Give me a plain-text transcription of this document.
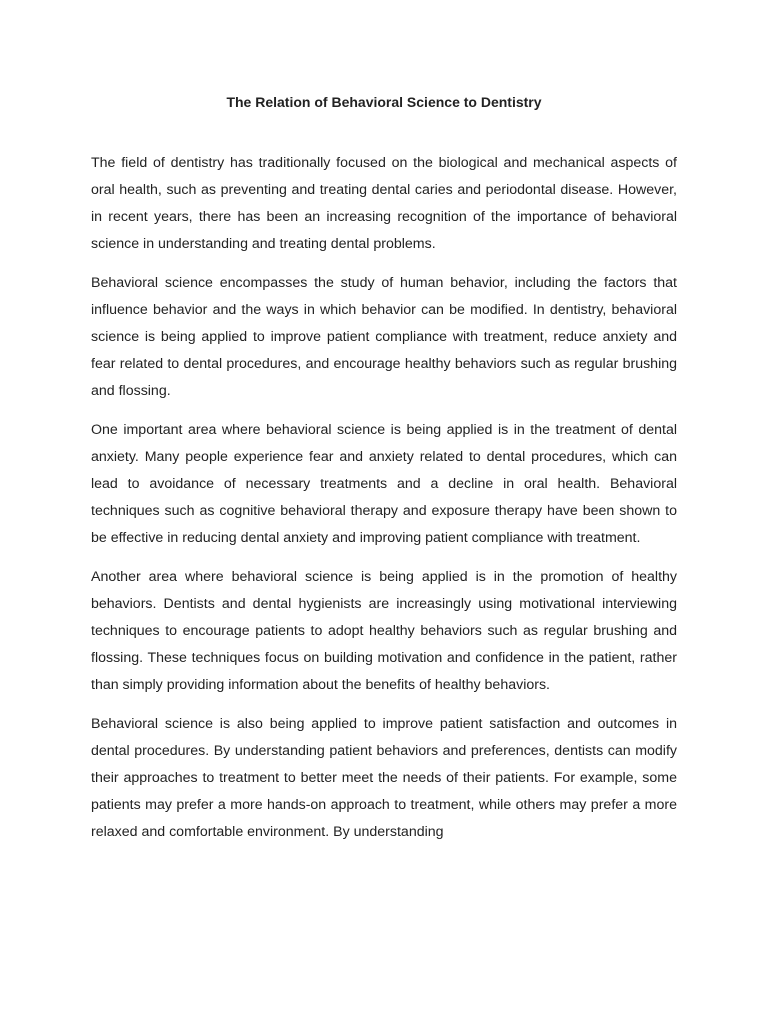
The Relation of Behavioral Science to Dentistry

The field of dentistry has traditionally focused on the biological and mechanical aspects of oral health, such as preventing and treating dental caries and periodontal disease. However, in recent years, there has been an increasing recognition of the importance of behavioral science in understanding and treating dental problems.

Behavioral science encompasses the study of human behavior, including the factors that influence behavior and the ways in which behavior can be modified. In dentistry, behavioral science is being applied to improve patient compliance with treatment, reduce anxiety and fear related to dental procedures, and encourage healthy behaviors such as regular brushing and flossing.

One important area where behavioral science is being applied is in the treatment of dental anxiety. Many people experience fear and anxiety related to dental procedures, which can lead to avoidance of necessary treatments and a decline in oral health. Behavioral techniques such as cognitive behavioral therapy and exposure therapy have been shown to be effective in reducing dental anxiety and improving patient compliance with treatment.

Another area where behavioral science is being applied is in the promotion of healthy behaviors. Dentists and dental hygienists are increasingly using motivational interviewing techniques to encourage patients to adopt healthy behaviors such as regular brushing and flossing. These techniques focus on building motivation and confidence in the patient, rather than simply providing information about the benefits of healthy behaviors.

Behavioral science is also being applied to improve patient satisfaction and outcomes in dental procedures. By understanding patient behaviors and preferences, dentists can modify their approaches to treatment to better meet the needs of their patients. For example, some patients may prefer a more hands-on approach to treatment, while others may prefer a more relaxed and comfortable environment. By understanding
